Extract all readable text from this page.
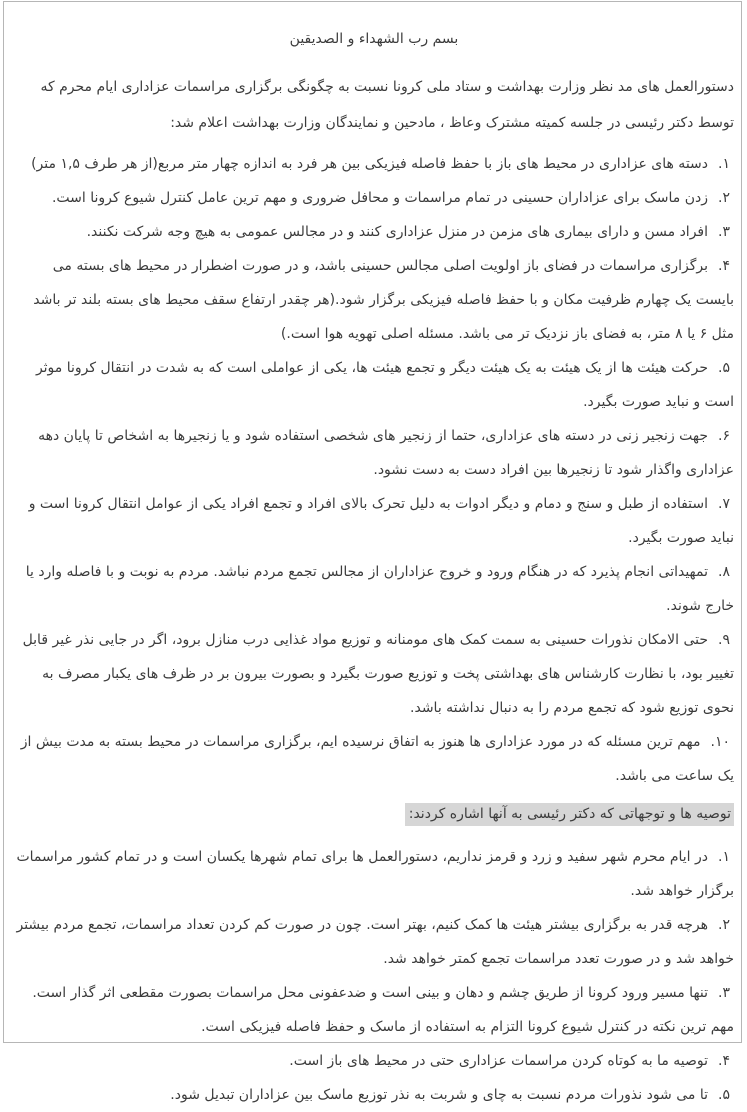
بسم رب الشهداء و الصدیقین

دستورالعمل های مد نظر وزارت بهداشت و ستاد ملی کرونا نسبت به چگونگی برگزاری مراسمات عزاداری ایام محرم که توسط دکتر رئیسی در جلسه کمیته مشترک وعاظ ، مادحین و نمایندگان وزارت بهداشت اعلام شد:

۱.دسته های عزاداری در محیط های باز با حفظ فاصله فیزیکی بین هر فرد به اندازه چهار متر مربع(از هر طرف ۱,۵ متر)

۲.زدن ماسک برای عزاداران حسینی در تمام مراسمات و محافل ضروری و مهم ترین عامل کنترل شیوع کرونا است.

۳.افراد مسن و دارای بیماری های مزمن در منزل عزاداری کنند و در مجالس عمومی به هیچ وجه شرکت نکنند.

۴.برگزاری مراسمات در فضای باز اولویت اصلی مجالس حسینی باشد، و در صورت اضطرار در محیط های بسته می بایست یک چهارم ظرفیت مکان و با حفظ فاصله فیزیکی برگزار شود.(هر چقدر ارتفاع سقف محیط های بسته بلند تر باشد مثل ۶ یا ۸ متر، به فضای باز نزدیک تر می باشد. مسئله اصلی تهویه هوا است.)

۵.حرکت هیئت ها از یک هیئت به یک هیئت دیگر و تجمع هیئت ها، یکی از عواملی است که به شدت در انتقال کرونا موثر است و نباید صورت بگیرد.

۶.جهت زنجیر زنی در دسته های عزاداری، حتما از زنجیر های شخصی استفاده شود و یا زنجیرها به اشخاص تا پایان دهه عزاداری واگذار شود تا زنجیرها بین افراد دست به دست نشود.

۷.استفاده از طبل و سنج و دمام و دیگر ادوات به دلیل تحرک بالای افراد و تجمع افراد یکی از عوامل انتقال کرونا است و نباید صورت بگیرد.

۸.تمهیداتی انجام پذیرد که در هنگام ورود و خروج عزاداران از مجالس تجمع مردم نباشد. مردم به نوبت و با فاصله وارد یا خارج شوند.

۹.حتی الامکان نذورات حسینی به سمت کمک های مومنانه و توزیع مواد غذایی درب منازل برود، اگر در جایی نذر غیر قابل تغییر بود، با نظارت کارشناس های بهداشتی پخت و توزیع صورت بگیرد و بصورت بیرون بر در ظرف های یکبار مصرف به نحوی توزیع شود که تجمع مردم را به دنبال نداشته باشد.

۱۰.مهم ترین مسئله که در مورد عزاداری ها هنوز به اتفاق نرسیده ایم، برگزاری مراسمات در محیط بسته به مدت بیش از یک ساعت می باشد.

توصیه ها و توجهاتی که دکتر رئیسی به آنها اشاره کردند:

۱.در ایام محرم شهر سفید و زرد و قرمز نداریم، دستورالعمل ها برای تمام شهرها یکسان است و در تمام کشور مراسمات برگزار خواهد شد.

۲.هرچه قدر به برگزاری بیشتر هیئت ها کمک کنیم، بهتر است. چون در صورت کم کردن تعداد مراسمات، تجمع مردم بیشتر خواهد شد و در صورت تعدد مراسمات تجمع کمتر خواهد شد.

۳.تنها مسیر ورود کرونا از طریق چشم و دهان و بینی است و ضدعفونی محل مراسمات بصورت مقطعی اثر گذار است. مهم ترین نکته در کنترل شیوع کرونا التزام به استفاده از ماسک و حفظ فاصله فیزیکی است.

۴.توصیه ما به کوتاه کردن مراسمات عزاداری حتی در محیط های باز است.

۵.تا می شود نذورات مردم نسبت به چای و شربت به نذر توزیع ماسک بین عزاداران تبدیل شود.
